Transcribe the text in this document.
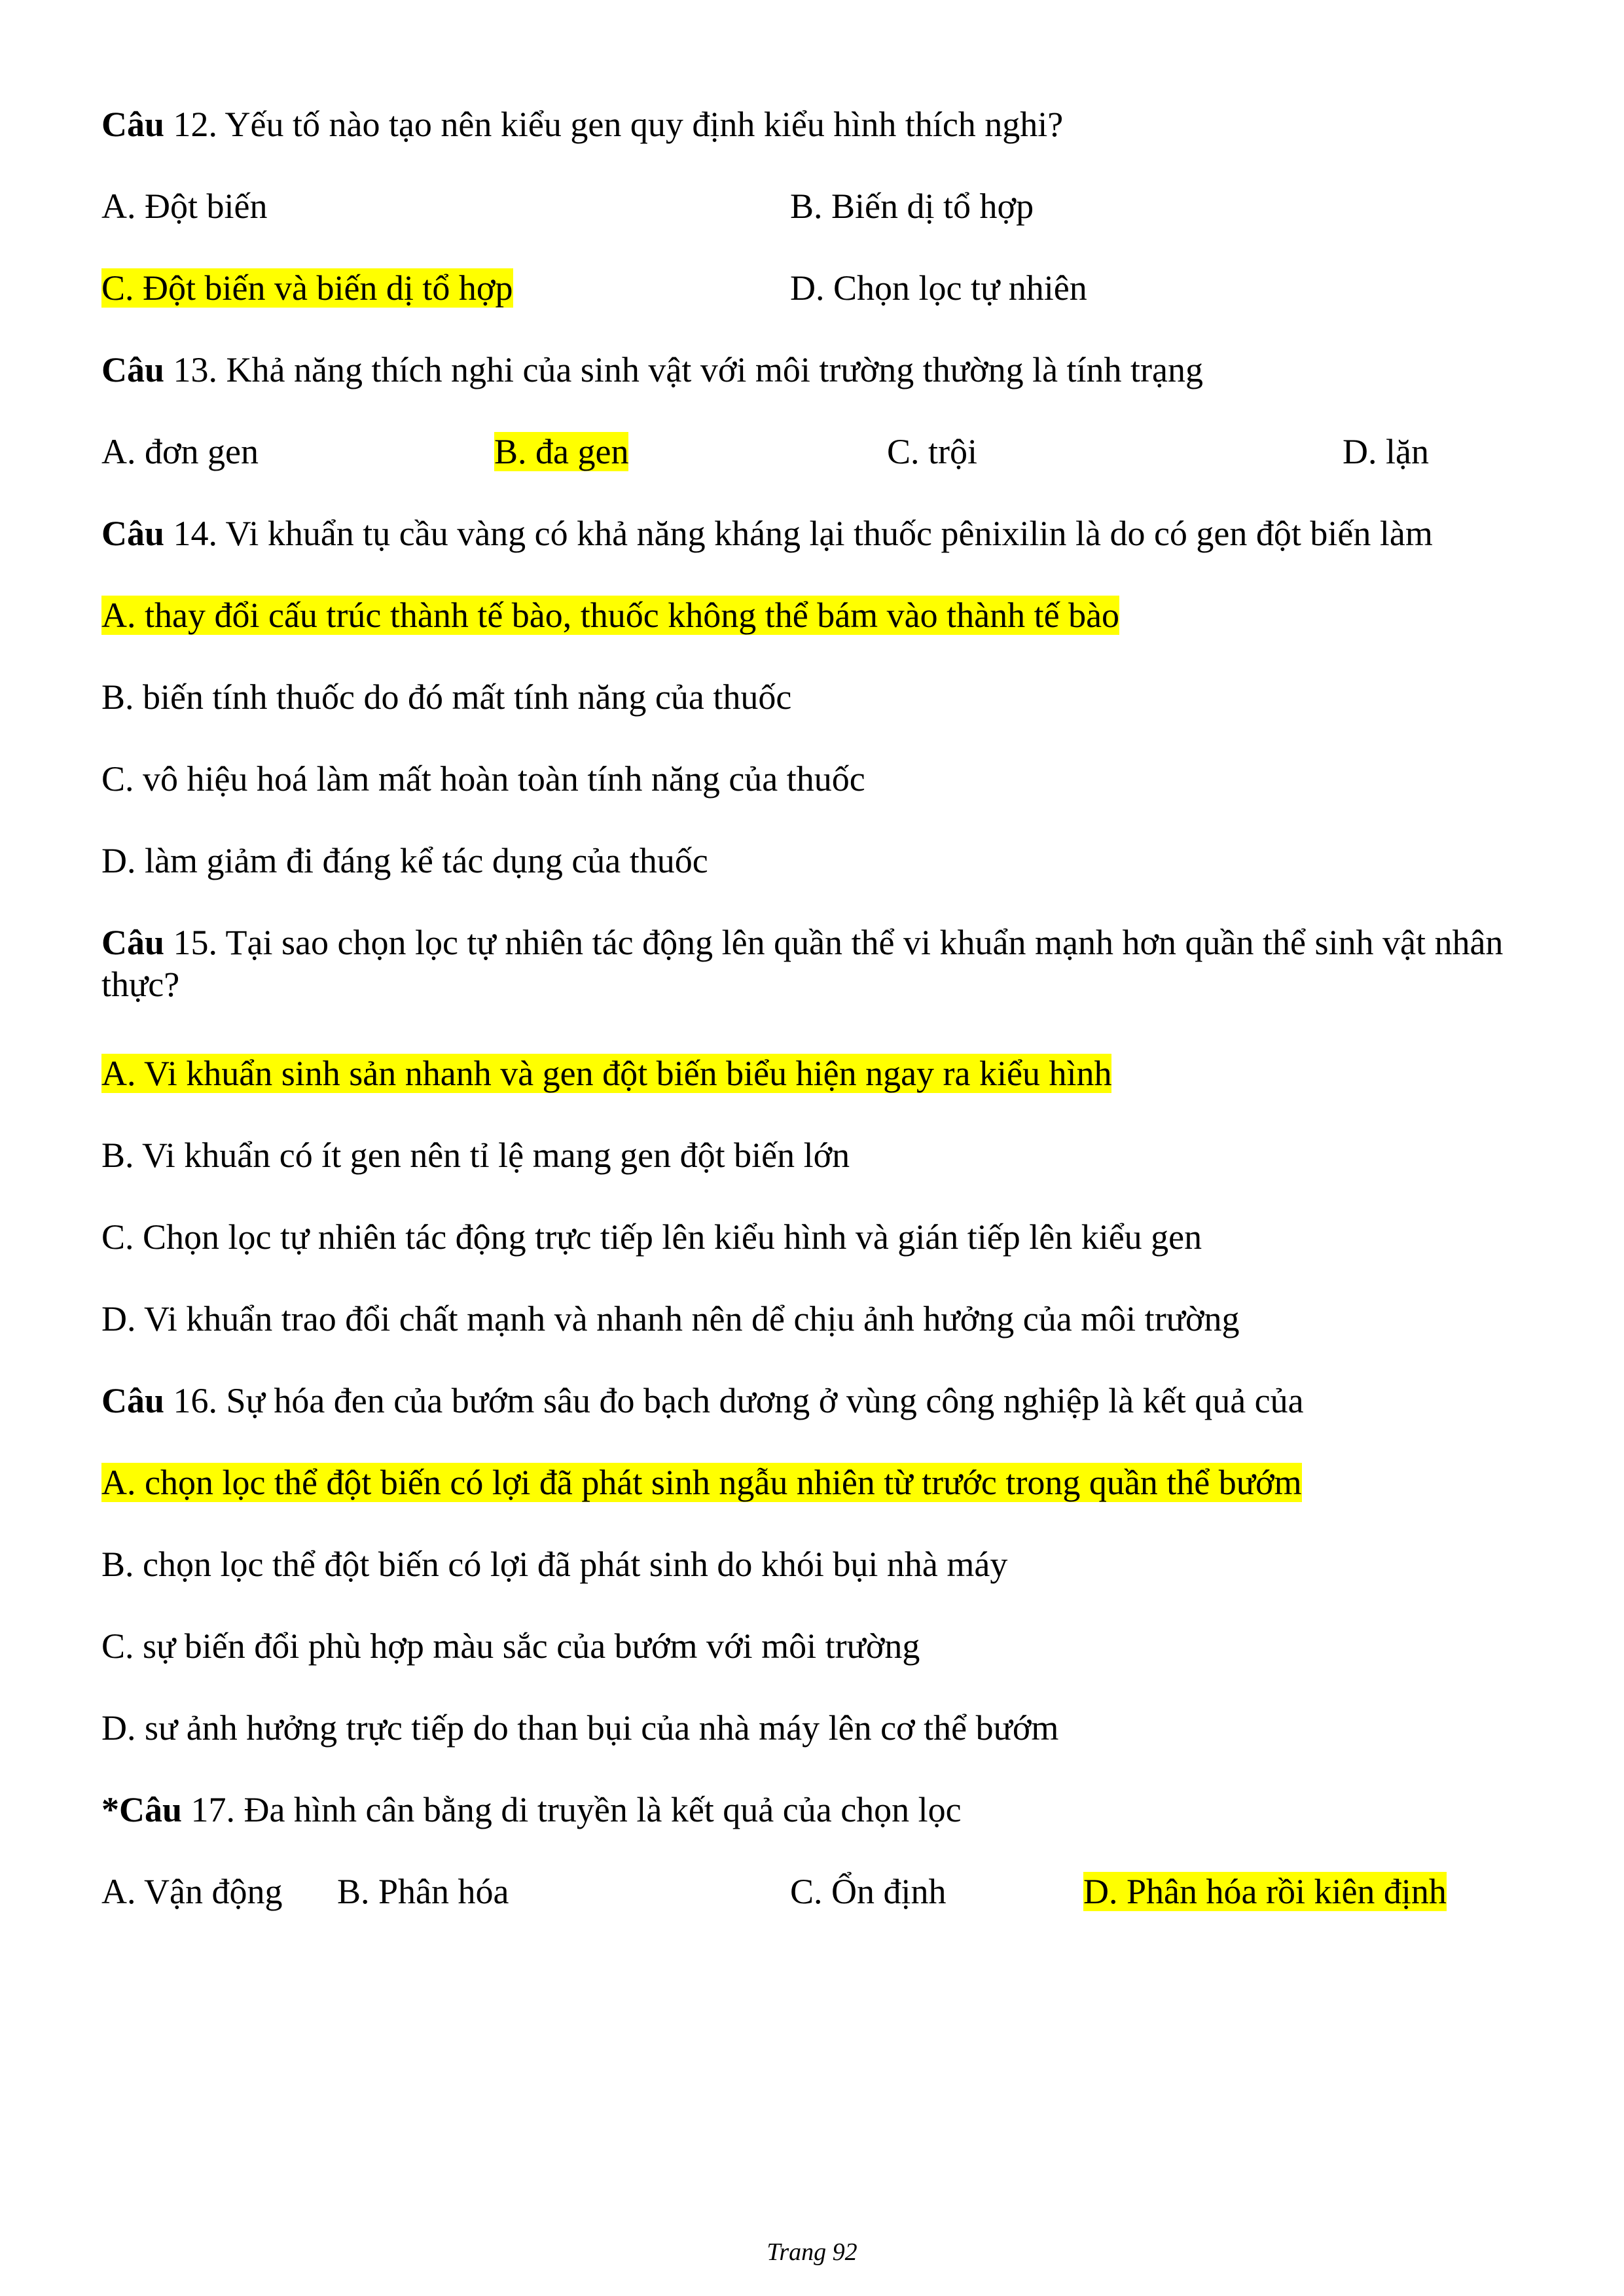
Câu 12. Yếu tố nào tạo nên kiểu gen quy định kiểu hình thích nghi?
A. Đột biến	B. Biến dị tổ hợp
C. Đột biến và biến dị tổ hợp	D. Chọn lọc tự nhiên
Câu 13. Khả năng thích nghi của sinh vật với môi trường thường là tính trạng
A. đơn gen	B. đa gen	C. trội	D. lặn
Câu 14. Vi khuẩn tụ cầu vàng có khả năng kháng lại thuốc pênixilin là do có gen đột biến làm
A. thay đổi cấu trúc thành tế bào, thuốc không thể bám vào thành tế bào
B. biến tính thuốc do đó mất tính năng của thuốc
C. vô hiệu hoá làm mất hoàn toàn tính năng của thuốc
D. làm giảm đi đáng kể tác dụng của thuốc
Câu 15. Tại sao chọn lọc tự nhiên tác động lên quần thể vi khuẩn mạnh hơn quần thể sinh vật nhân thực?
A. Vi khuẩn sinh sản nhanh và gen đột biến biểu hiện ngay ra kiểu hình
B. Vi khuẩn có ít gen nên tỉ lệ mang gen đột biến lớn
C. Chọn lọc tự nhiên tác động trực tiếp lên kiểu hình và gián tiếp lên kiểu gen
D. Vi khuẩn trao đổi chất mạnh và nhanh nên dể chịu ảnh hưởng của môi trường
Câu 16. Sự hóa đen của bướm sâu đo bạch dương ở vùng công nghiệp là kết quả của
A. chọn lọc thể đột biến có lợi đã phát sinh ngẫu nhiên từ trước trong quần thể bướm
B. chọn lọc thể đột biến có lợi đã phát sinh do khói bụi nhà máy
C. sự biến đổi phù hợp màu sắc của bướm với môi trường
D. sư ảnh hưởng trực tiếp do than bụi của nhà máy lên cơ thể bướm
*Câu 17. Đa hình cân bằng di truyền là kết quả của chọn lọc
A. Vận động B. Phân hóa	C. Ổn định	D. Phân hóa rồi kiên định
Trang 92
